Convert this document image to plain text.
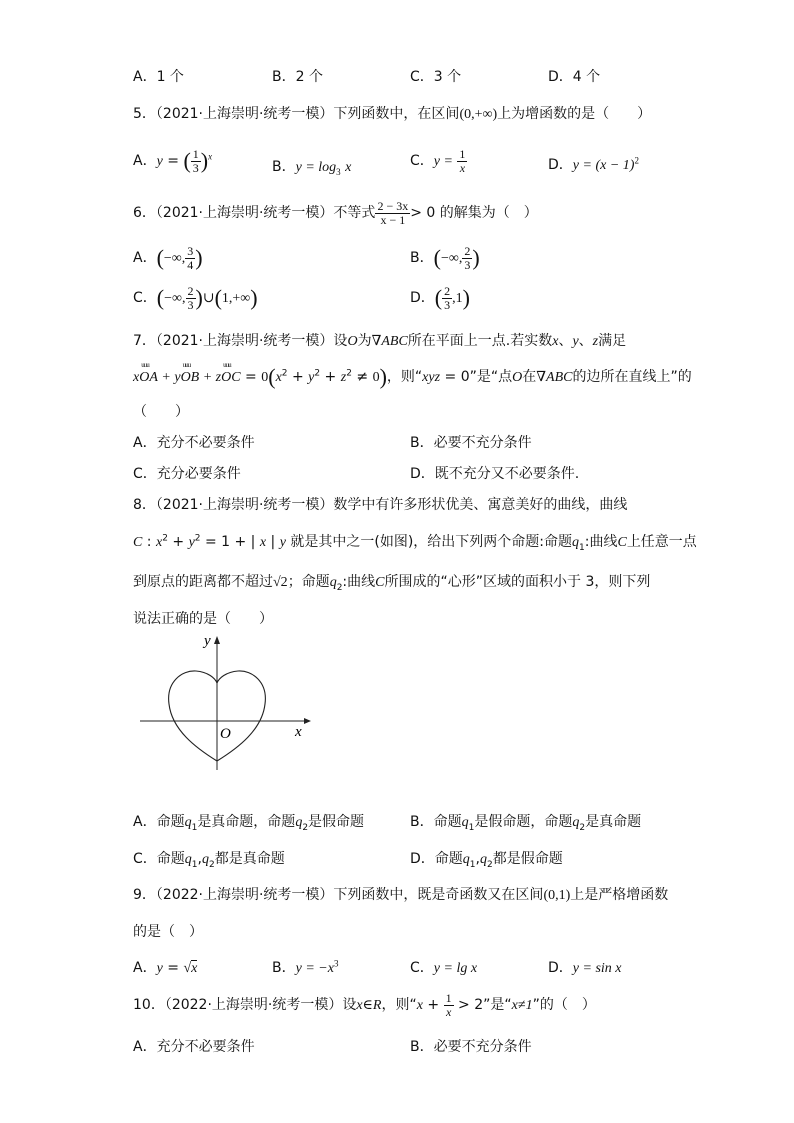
A．1 个	B．2 个	C．3 个	D．4 个
5．（2021·上海崇明·统考一模）下列函数中，在区间(0,+∞)上为增函数的是（　　）
A．y = ( $\frac{1}{3} )^x$
B．$y = \log_3 x$	C．$y = \frac{1}{x}$	D．$y = (x - 1)^2$
6．（2021·上海崇明·统考一模）不等式 $\frac{2 - 3x}{x - 1} > 0$ 的解集为（　）
A．(−∞, $\frac{3}{4}$ )	B．(−∞, $\frac{2}{3}$ )
C．(−∞, $\frac{2}{3}$ )∪(1,+∞)	D．( $\frac{2}{3} ,1$)
7．（2021·上海崇明·统考一模）设O为∇ABC所在平面上一点.若实数x、y、z满足
xuuu OA + yuuu OB + zuuu OC = $0(x^2 + y^2 + z^2 \ne 0)$，则“xyz = 0”是“点O在∇ABC的边所在直线上”的
（　　）
A．充分不必要条件	B．必要不充分条件
C．充分必要条件	D．既不充分又不必要条件.
8．（2021·上海崇明·统考一模）数学中有许多形状优美、寓意美好的曲线，曲线
C : $x^2 + y^2 = 1$ + | x | y 就是其中之一(如图)，给出下列两个命题:命题$q_1$:曲线C上任意一点
到原点的距离都不超过√2；命题$q_2$:曲线C所围成的“心形”区域的面积小于 3，则下列
说法正确的是（　　）
y
x
O
A．命题$q_1$是真命题，命题$q_2$是假命题	B．命题$q_1$是假命题，命题$q_2$是真命题
C．命题$q_1,q_2$都是真命题	D．命题$q_1,q_2$都是假命题
9．（2022·上海崇明·统考一模）下列函数中，既是奇函数又在区间(0,1)上是严格增函数
的是（　）
A．y = √x	B．$y = -x^3$	C．y = lg x	D．y = sin x
10．（2022·上海崇明·统考一模）设x∈R，则“$x + \frac{1}{x} > 2$”是“x≠1”的（　）
A．充分不必要条件	B．必要不充分条件
